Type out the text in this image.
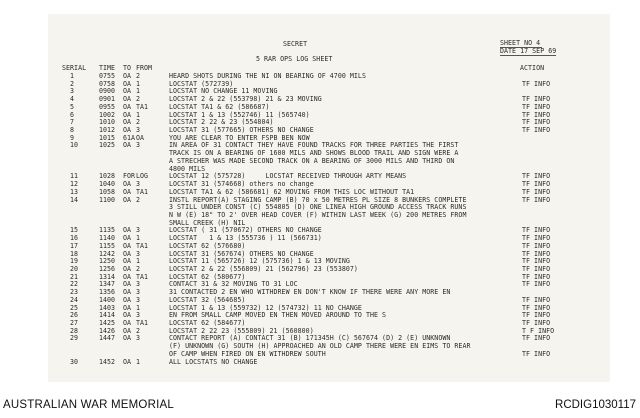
SECRET	SHEET NO 4
DATE 17 SEP 69
5 RAR OPS LOG SHEET
SERIAL TIME TO FROM	ACTION
1	0755 OA 2	HEARD SHOTS DURING THE NI ON BEARING OF 4700 MILS
2	0758 OA 1	LOCSTAT (572739)	TF INFO
3	0900 OA 1	LOCSTAT NO CHANGE 11 MOVING
4	0901 OA 2	LOCSTAT 2 & 22 (553798) 21 & 23 MOVING	TF INFO
5	0955 OA TA1	LOCSTAT TA1 & 62 (586687)	TF INFO
6	1002 OA 1	LOCSTAT 1 & 13 (552746) 11 (565740)	TF INFO
7	1010 OA 2	LOCSTAT 2 22 & 23 (554804)	TF INFO
8	1012 OA 3	LOCSTAT 31 (577665) OTHERS NO CHANGE	TF INFO
9	1015 61A OA	YOU ARE CLEAR TO ENTER FSPB BEN NOW
10	1025 OA 3	IN AREA OF 31 CONTACT THEY HAVE FOUND TRACKS FOR THREE PARTIES THE FIRST
TRACK IS ON A BEARING OF 1600 MILS AND SHOWS BLOOD TRAIL AND SIGN WERE A
A STRECHER WAS MADE SECOND TRACK ON A BEARING OF 3000 MILS AND THIRD ON
4800 MILS
11	1028 FOR LOG	LOCSTAT 12 (575728)     LOCSTAT RECEIVED THROUGH ARTY MEANS	TF INFO
12	1040 OA 3	LOCSTAT 31 (574668) others no change	TF INFO
13	1058 OA TA1	LOCSTAT TA1 & 62 (586681) 62 MOVING FROM THIS LOC WITHOUT TA1	TF INFO
14	1100 OA 2	INSTL REPORT(A) STAGING CAMP (B) 70 x 50 METRES PL SIZE 8 BUNKERS COMPLETE	TF INFO
3 STILL UNDER CONST (C) 554805 (D) ONE LINEA HIGH GROUND ACCESS TRACK RUNS
N W (E) 18" TO 2' OVER HEAD COVER (F) WITHIN LAST WEEK (G) 200 METRES FROM
SMALL CREEK (H) NIL
15	1135 OA 3	LOCSTAT ( 31 (570672) OTHERS NO CHANGE	TF INFO
16	1140 OA 1	LOCSTAT   1 & 13 (555736 ) 11 (566731)	TF INFO
17	1155 OA TA1	LOCSTAT 62 (576680)	TF INFO
18	1242 OA 3	LOCSTAT 31 (567674) OTHERS NO CHANGE	TF INFO
19	1250 OA 1	LOCSTAT 11 (565726) 12 (575736) 1 & 13 MOVING	TF INFO
20	1256 OA 2	LOCSTAT 2 & 22 (556809) 21 (562796) 23 (553807)	TF INFO
21	1314 OA TA1	LOCSTAT 62 (580677)	TF INFO
22	1347 OA 3	CONTACT 31 & 32 MOVING TO 31 LOC	TF INFO
23	1356 OA 3	31 CONTACTED 2 EN WHO WITHDREW EN DON'T KNOW IF THERE WERE ANY MORE EN
24	1400 OA 3	LOCSTAT 32 (564685)	TF INFO
25	1403 OA 1	LOCSTAT 1 & 13 (559732) 12 (574732) 11 NO CHANGE	TF INFO
26	1414 OA 3	EN FROM SMALL CAMP MOVED EN THEN MOVED AROUND TO THE S	TF INFO
27	1425 OA TA1	LOCSTAT 62 (584677)	TF INFO
28	1426 OA 2	LOCSTAT 2 22 23 (555809) 21 (560800)	T F INFO
29	1447 OA 3	CONTACT REPORT (A) CONTACT 31 (B) 171345H (C) 567674 (D) 2 (E) UNKNOWN	TF INFO
(F) UNKNOWN (G) SOUTH (H) APPROACHED AN OLD CAMP THERE WERE EN EIMS TO REAR
OF CAMP WHEN FIRED ON EN WITHDREW SOUTH	TF INFO
30	1452 OA 1	ALL LOCSTATS NO CHANGE
AUSTRALIAN WAR MEMORIAL	RCDIG1030117
